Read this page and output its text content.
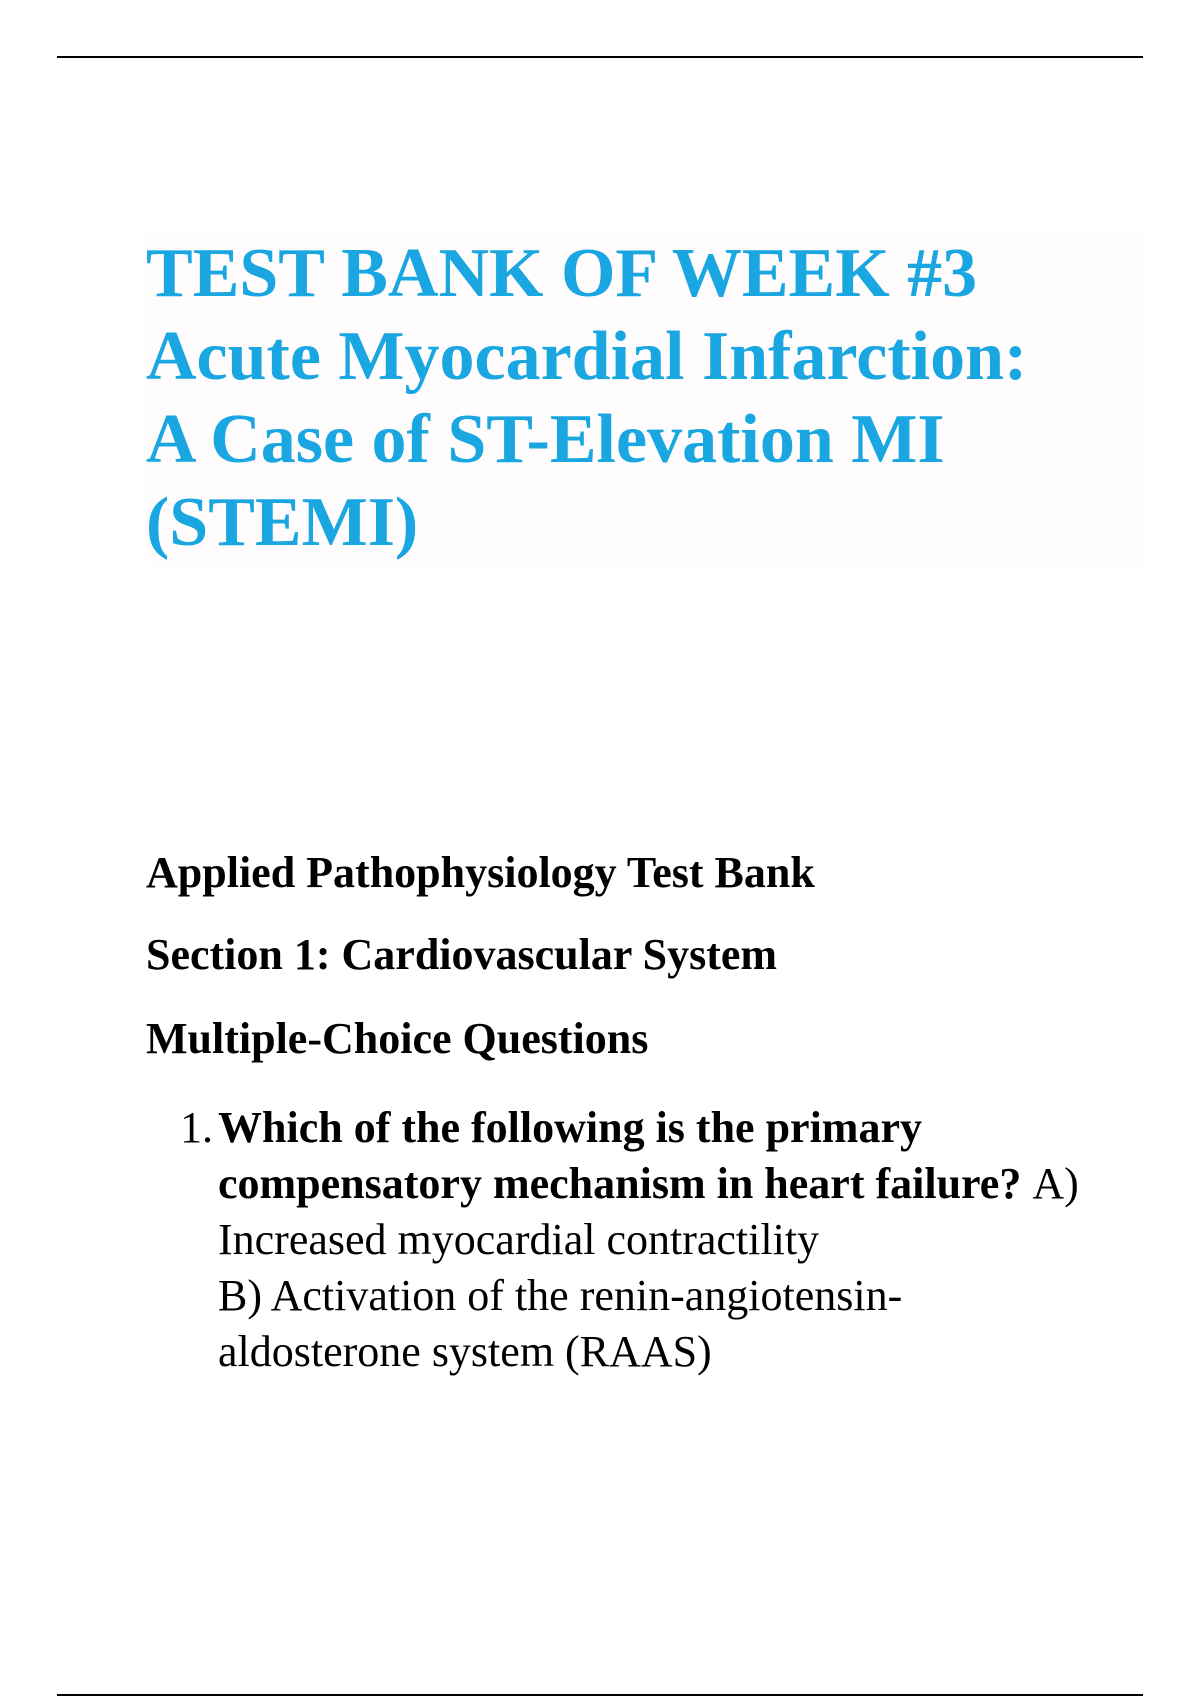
TEST BANK OF WEEK #3
Acute Myocardial Infarction:
A Case of ST-Elevation MI
(STEMI)
Applied Pathophysiology Test Bank
Section 1: Cardiovascular System
Multiple-Choice Questions
1. Which of the following is the primary compensatory mechanism in heart failure? A) Increased myocardial contractility
B) Activation of the renin-angiotensin-aldosterone system (RAAS)
